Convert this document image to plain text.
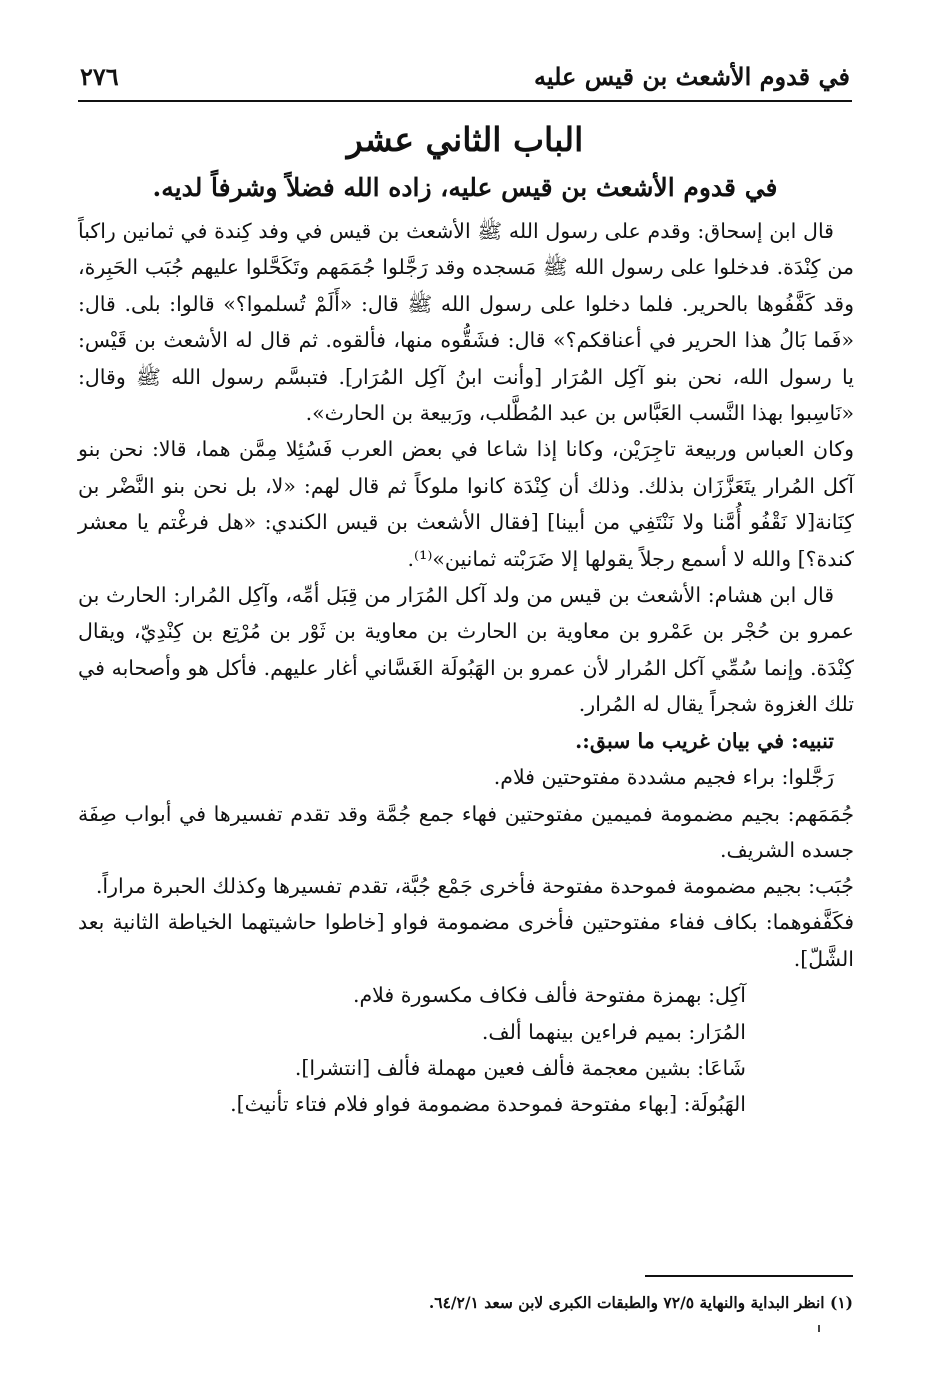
في قدوم الأشعث بن قيس عليه
٢٧٦
الباب الثاني عشر
في قدوم الأشعث بن قيس عليه، زاده الله فضلاً وشرفاً لديه.

قال ابن إسحاق: وقدم على رسول الله ﷺ الأشعث بن قيس في وفد كِندة في ثمانين راكباً من كِنْدَة. فدخلوا على رسول الله ﷺ مَسجده وقد رَجَّلوا جُمَمَهم وتَكَحَّلوا عليهم جُبَب الحَبِرة، وقد كَفَّفُوها بالحرير. فلما دخلوا على رسول الله ﷺ قال: «أَلَمْ تُسلموا؟» قالوا: بلى. قال: «فَما بَالُ هذا الحرير في أعناقكم؟» قال: فشَقُّوه منها، فألقوه. ثم قال له الأشعث بن قَيْس: يا رسول الله، نحن بنو آكِل المُرَار [وأنت ابنُ آكِل المُرَار]. فتبسَّم رسول الله ﷺ وقال: «نَاسِبوا بهذا النَّسب العَبَّاس بن عبد المُطَّلب، ورَبيعة بن الحارث».

وكان العباس وربيعة تاجِرَيْن، وكانا إذا شاعا في بعض العرب فَسُئِلا مِمَّن هما، قالا: نحن بنو آكل المُرار يتَعَزَّزَان بذلك. وذلك أن كِنْدَة كانوا ملوكاً ثم قال لهم: «لا، بل نحن بنو النَّضْر بن كِنَانة[لا نَقْفُو أُمَّنا ولا نَنْتَفِي من أبينا] [فقال الأشعث بن قيس الكندي: «هل فرغْتم يا معشر كندة؟] والله لا أسمع رجلاً يقولها إلا ضَرَبْته ثمانين»⁽¹⁾.

قال ابن هشام: الأشعث بن قيس من ولد آكل المُرَار من قِبَل أمِّه، وآكِل المُرار: الحارث بن عمرو بن حُجْر بن عَمْرو بن معاوية بن الحارث بن معاوية بن ثَوْر بن مُرْتِع بن كِنْدِيّ، ويقال كِنْدَة. وإنما سُمِّي آكل المُرار لأن عمرو بن الهَبُولَة الغَسَّاني أغار عليهم. فأكل هو وأصحابه في تلك الغزوة شجراً يقال له المُرار.

تنبيه: في بيان غريب ما سبق:.

رَجَّلوا: براء فجيم مشددة مفتوحتين فلام.

جُمَمَهم: بجيم مضمومة فميمين مفتوحتين فهاء جمع جُمَّة وقد تقدم تفسيرها في أبواب صِفَة جسده الشريف.

جُبَب: بجيم مضمومة فموحدة مفتوحة فأخرى جَمْع جُبَّة، تقدم تفسيرها وكذلك الحبرة مراراً.

فكَفَّفوهما: بكاف ففاء مفتوحتين فأخرى مضمومة فواو [خاطوا حاشيتهما الخياطة الثانية بعد الشَّلّ].

آكِل: بهمزة مفتوحة فألف فكاف مكسورة فلام.

المُرَار: بميم فراءين بينهما ألف.

شَاعَا: بشين معجمة فألف فعين مهملة فألف [انتشرا].

الهَبُولَة: [بهاء مفتوحة فموحدة مضمومة فواو فلام فتاء تأنيث].

(١) انظر البداية والنهاية ٧٢/٥ والطبقات الكبرى لابن سعد ٦٤/٢/١.
